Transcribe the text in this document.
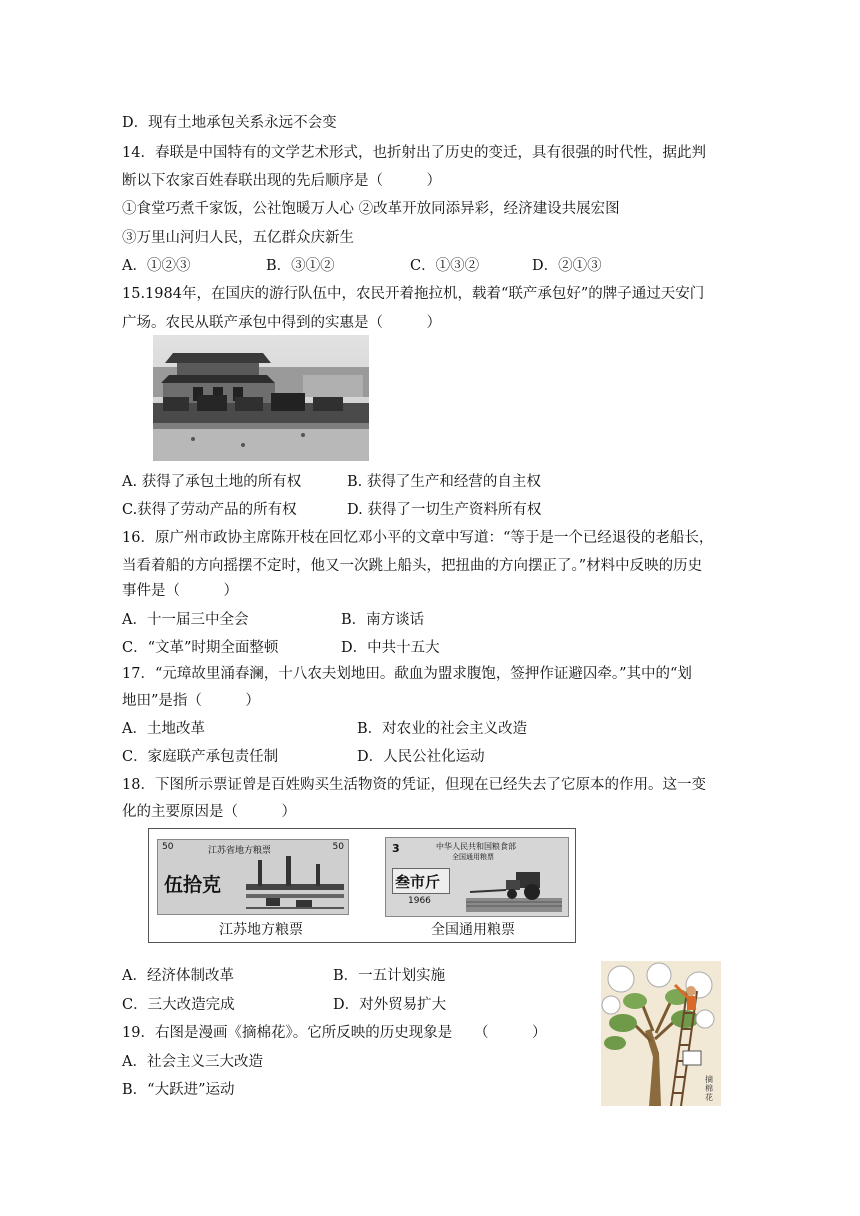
D．现有土地承包关系永远不会变
14．春联是中国特有的文学艺术形式，也折射出了历史的变迁，具有很强的时代性，据此判
断以下农家百姓春联出现的先后顺序是（　　　）
①食堂巧煮千家饭，公社饱暖万人心 ②改革开放同添异彩，经济建设共展宏图
③万里山河归人民，五亿群众庆新生
A．①②③	B．③①②	C．①③②	D．②①③
15.1984年，在国庆的游行队伍中，农民开着拖拉机，载着“联产承包好”的牌子通过天安门
广场。农民从联产承包中得到的实惠是（　　　）
A. 获得了承包土地的所有权	B. 获得了生产和经营的自主权
C.获得了劳动产品的所有权	D. 获得了一切生产资料所有权
16．原广州市政协主席陈开枝在回忆邓小平的文章中写道：“等于是一个已经退役的老船长，
当看着船的方向摇摆不定时，他又一次跳上船头，把扭曲的方向摆正了。”材料中反映的历史
事件是（　　　）
A．十一届三中全会	B．南方谈话
C．“文革”时期全面整顿	D．中共十五大
17．“元璋故里涌春澜，十八农夫划地田。歃血为盟求腹饱，签押作证避囚牵。”其中的“划
地田”是指（　　　）
A．土地改革	B．对农业的社会主义改造
C．家庭联产承包责任制	D．人民公社化运动
18．下图所示票证曾是百姓购买生活物资的凭证，但现在已经失去了它原本的作用。这一变
化的主要原因是（　　　）
50	50
江苏省地方粮票
伍拾克
江苏地方粮票
3	中华人民共和国粮食部
全国通用粮票
叁市斤
1966
全国通用粮票
A．经济体制改革	B．一五计划实施
C．三大改造完成	D．对外贸易扩大
19．右图是漫画《摘棉花》。它所反映的历史现象是　　（　　　）
A．社会主义三大改造
B．“大跃进”运动
摘棉花
